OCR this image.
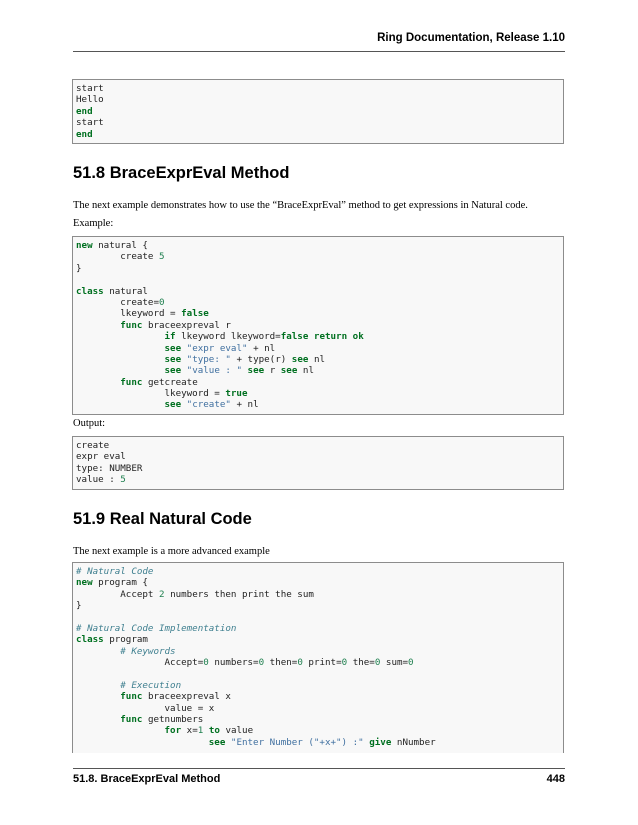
Ring Documentation, Release 1.10
start
Hello
end
start
end
51.8 BraceExprEval Method
The next example demonstrates how to use the “BraceExprEval” method to get expressions in Natural code.
Example:
new natural {
create 5
}

class natural
create=0
lkeyword = false
func braceexpreval r
if lkeyword lkeyword=false return ok
see "expr eval" + nl
see "type: " + type(r) see nl
see "value : " see r see nl
func getcreate
lkeyword = true
see "create" + nl
Output:
create
expr eval
type: NUMBER
value : 5
51.9 Real Natural Code
The next example is a more advanced example
# Natural Code
new program {
Accept 2 numbers then print the sum
}

# Natural Code Implementation
class program
# Keywords
Accept=0 numbers=0 then=0 print=0 the=0 sum=0

# Execution
func braceexpreval x
value = x
func getnumbers
for x=1 to value
see "Enter Number ("+x+") :" give nNumber
51.8. BraceExprEval Method	448
